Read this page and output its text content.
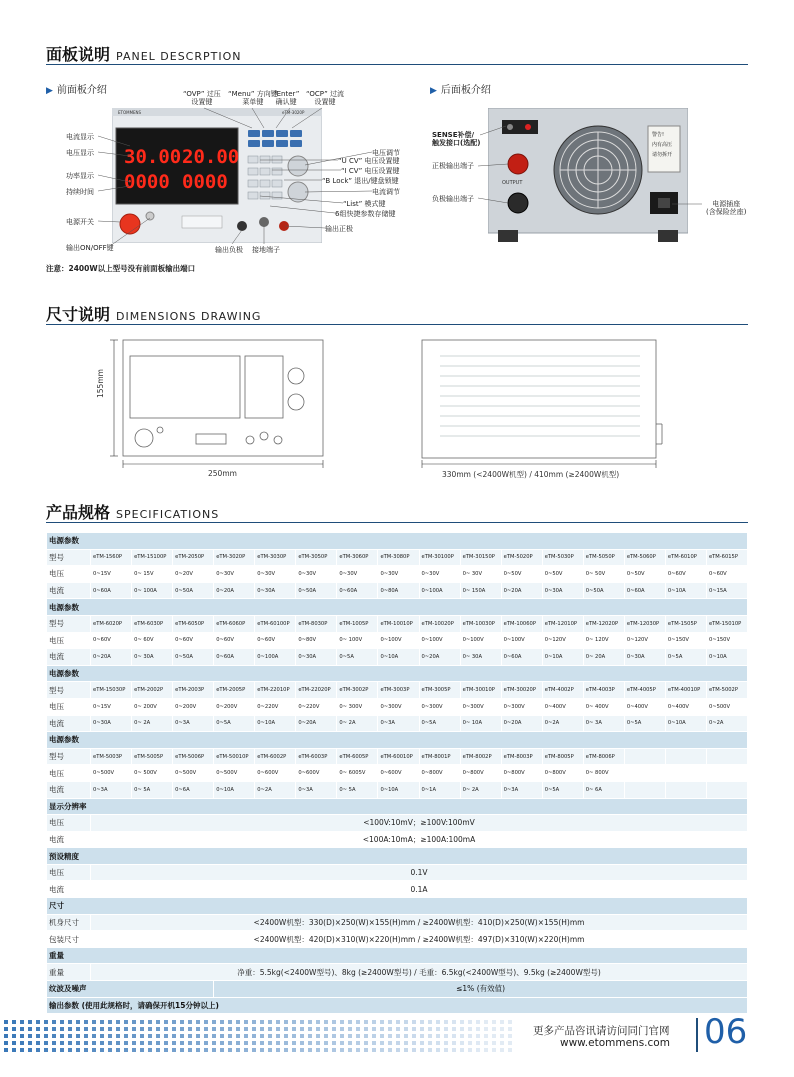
面板说明 PANEL DESCRPTION
▶ 前面板介绍	▶ 后面板介绍
ETOMMENS	eTM-3020P
30.00 20.00
0000 0000
“OVP” 过压
设置键
“Menu” 方向键
菜单键
“Enter”
确认键
“OCP” 过流
设置键
电流显示
电压显示
功率显示
持续时间
电源开关
输出ON/OFF键
电压调节
“U CV” 电压设置键
“I CV” 电压设置键
“B Lock” 退出/键盘锁键
电流调节
“List” 模式键
6组快捷参数存储键
输出正极
输出负极 接地端子
OUTPUT
警告!
内有高压
请勿拆开
SENSE补偿/
触发接口(选配)
正极输出端子
负极输出端子
电源插座
(含保险丝座)
注意：2400W以上型号没有前面板输出端口
尺寸说明 DIMENSIONS DRAWING
155mm
250mm	330mm (<2400W机型) / 410mm (≥2400W机型)
产品规格 SPECIFICATIONS
电源参数																
型号	eTM-1560P	eTM-15100P	eTM-2050P	eTM-3020P	eTM-3030P	eTM-3050P	eTM-3060P	eTM-3080P	eTM-30100P	eTM-30150P	eTM-5020P	eTM-5030P	eTM-5050P	eTM-5060P	eTM-6010P	eTM-6015P
电压	0~15V	0~ 15V	0~20V	0~30V	0~30V	0~30V	0~30V	0~30V	0~30V	0~ 30V	0~50V	0~50V	0~ 50V	0~50V	0~60V	0~60V
电流	0~60A	0~ 100A	0~50A	0~20A	0~30A	0~50A	0~60A	0~80A	0~100A	0~ 150A	0~20A	0~30A	0~50A	0~60A	0~10A	0~15A
电源参数																
型号	eTM-6020P	eTM-6030P	eTM-6050P	eTM-6060P	eTM-60100P	eTM-8030P	eTM-1005P	eTM-10010P	eTM-10020P	eTM-10030P	eTM-10060P	eTM-12010P	eTM-12020P	eTM-12030P	eTM-1505P	eTM-15010P
电压	0~60V	0~ 60V	0~60V	0~60V	0~60V	0~80V	0~ 100V	0~100V	0~100V	0~100V	0~100V	0~120V	0~ 120V	0~120V	0~150V	0~150V
电流	0~20A	0~ 30A	0~50A	0~60A	0~100A	0~30A	0~5A	0~10A	0~20A	0~ 30A	0~60A	0~10A	0~ 20A	0~30A	0~5A	0~10A
电源参数																
型号	eTM-15030P	eTM-2002P	eTM-2003P	eTM-2005P	eTM-22010P	eTM-22020P	eTM-3002P	eTM-3003P	eTM-3005P	eTM-30010P	eTM-30020P	eTM-4002P	eTM-4003P	eTM-4005P	eTM-40010P	eTM-5002P
电压	0~15V	0~ 200V	0~200V	0~200V	0~220V	0~220V	0~ 300V	0~300V	0~300V	0~300V	0~300V	0~400V	0~ 400V	0~400V	0~400V	0~500V
电流	0~30A	0~ 2A	0~3A	0~5A	0~10A	0~20A	0~ 2A	0~3A	0~5A	0~ 10A	0~20A	0~2A	0~ 3A	0~5A	0~10A	0~2A
电源参数																
型号	eTM-5003P	eTM-5005P	eTM-5006P	eTM-50010P	eTM-6002P	eTM-6003P	eTM-6005P	eTM-60010P	eTM-8001P	eTM-8002P	eTM-8003P	eTM-8005P	eTM-8006P			
电压	0~500V	0~ 500V	0~500V	0~500V	0~600V	0~600V	0~ 6005V	0~600V	0~800V	0~800V	0~800V	0~800V	0~ 800V			
电流	0~3A	0~ 5A	0~6A	0~10A	0~2A	0~3A	0~ 5A	0~10A	0~1A	0~ 2A	0~3A	0~5A	0~ 6A			
显示分辨率																
电压	<100V:10mV；≥100V:100mV															
电流	<100A:10mA；≥100A:100mA															
预设精度																
电压	0.1V															
电流	0.1A															
尺寸																
机身尺寸	<2400W机型：330(D)×250(W)×155(H)mm / ≥2400W机型：410(D)×250(W)×155(H)mm															
包装尺寸	<2400W机型：420(D)×310(W)×220(H)mm / ≥2400W机型：497(D)×310(W)×220(H)mm															
重量																
重量	净重：5.5kg(<2400W型号)、8kg (≥2400W型号) / 毛重：6.5kg(<2400W型号)、9.5kg (≥2400W型号)															
纹波及噪声				≤1% (有效值)												
输出参数 (使用此规格时，请确保开机15分钟以上)																
更多产品咨讯请访问同门官网
www.etommens.com 06
